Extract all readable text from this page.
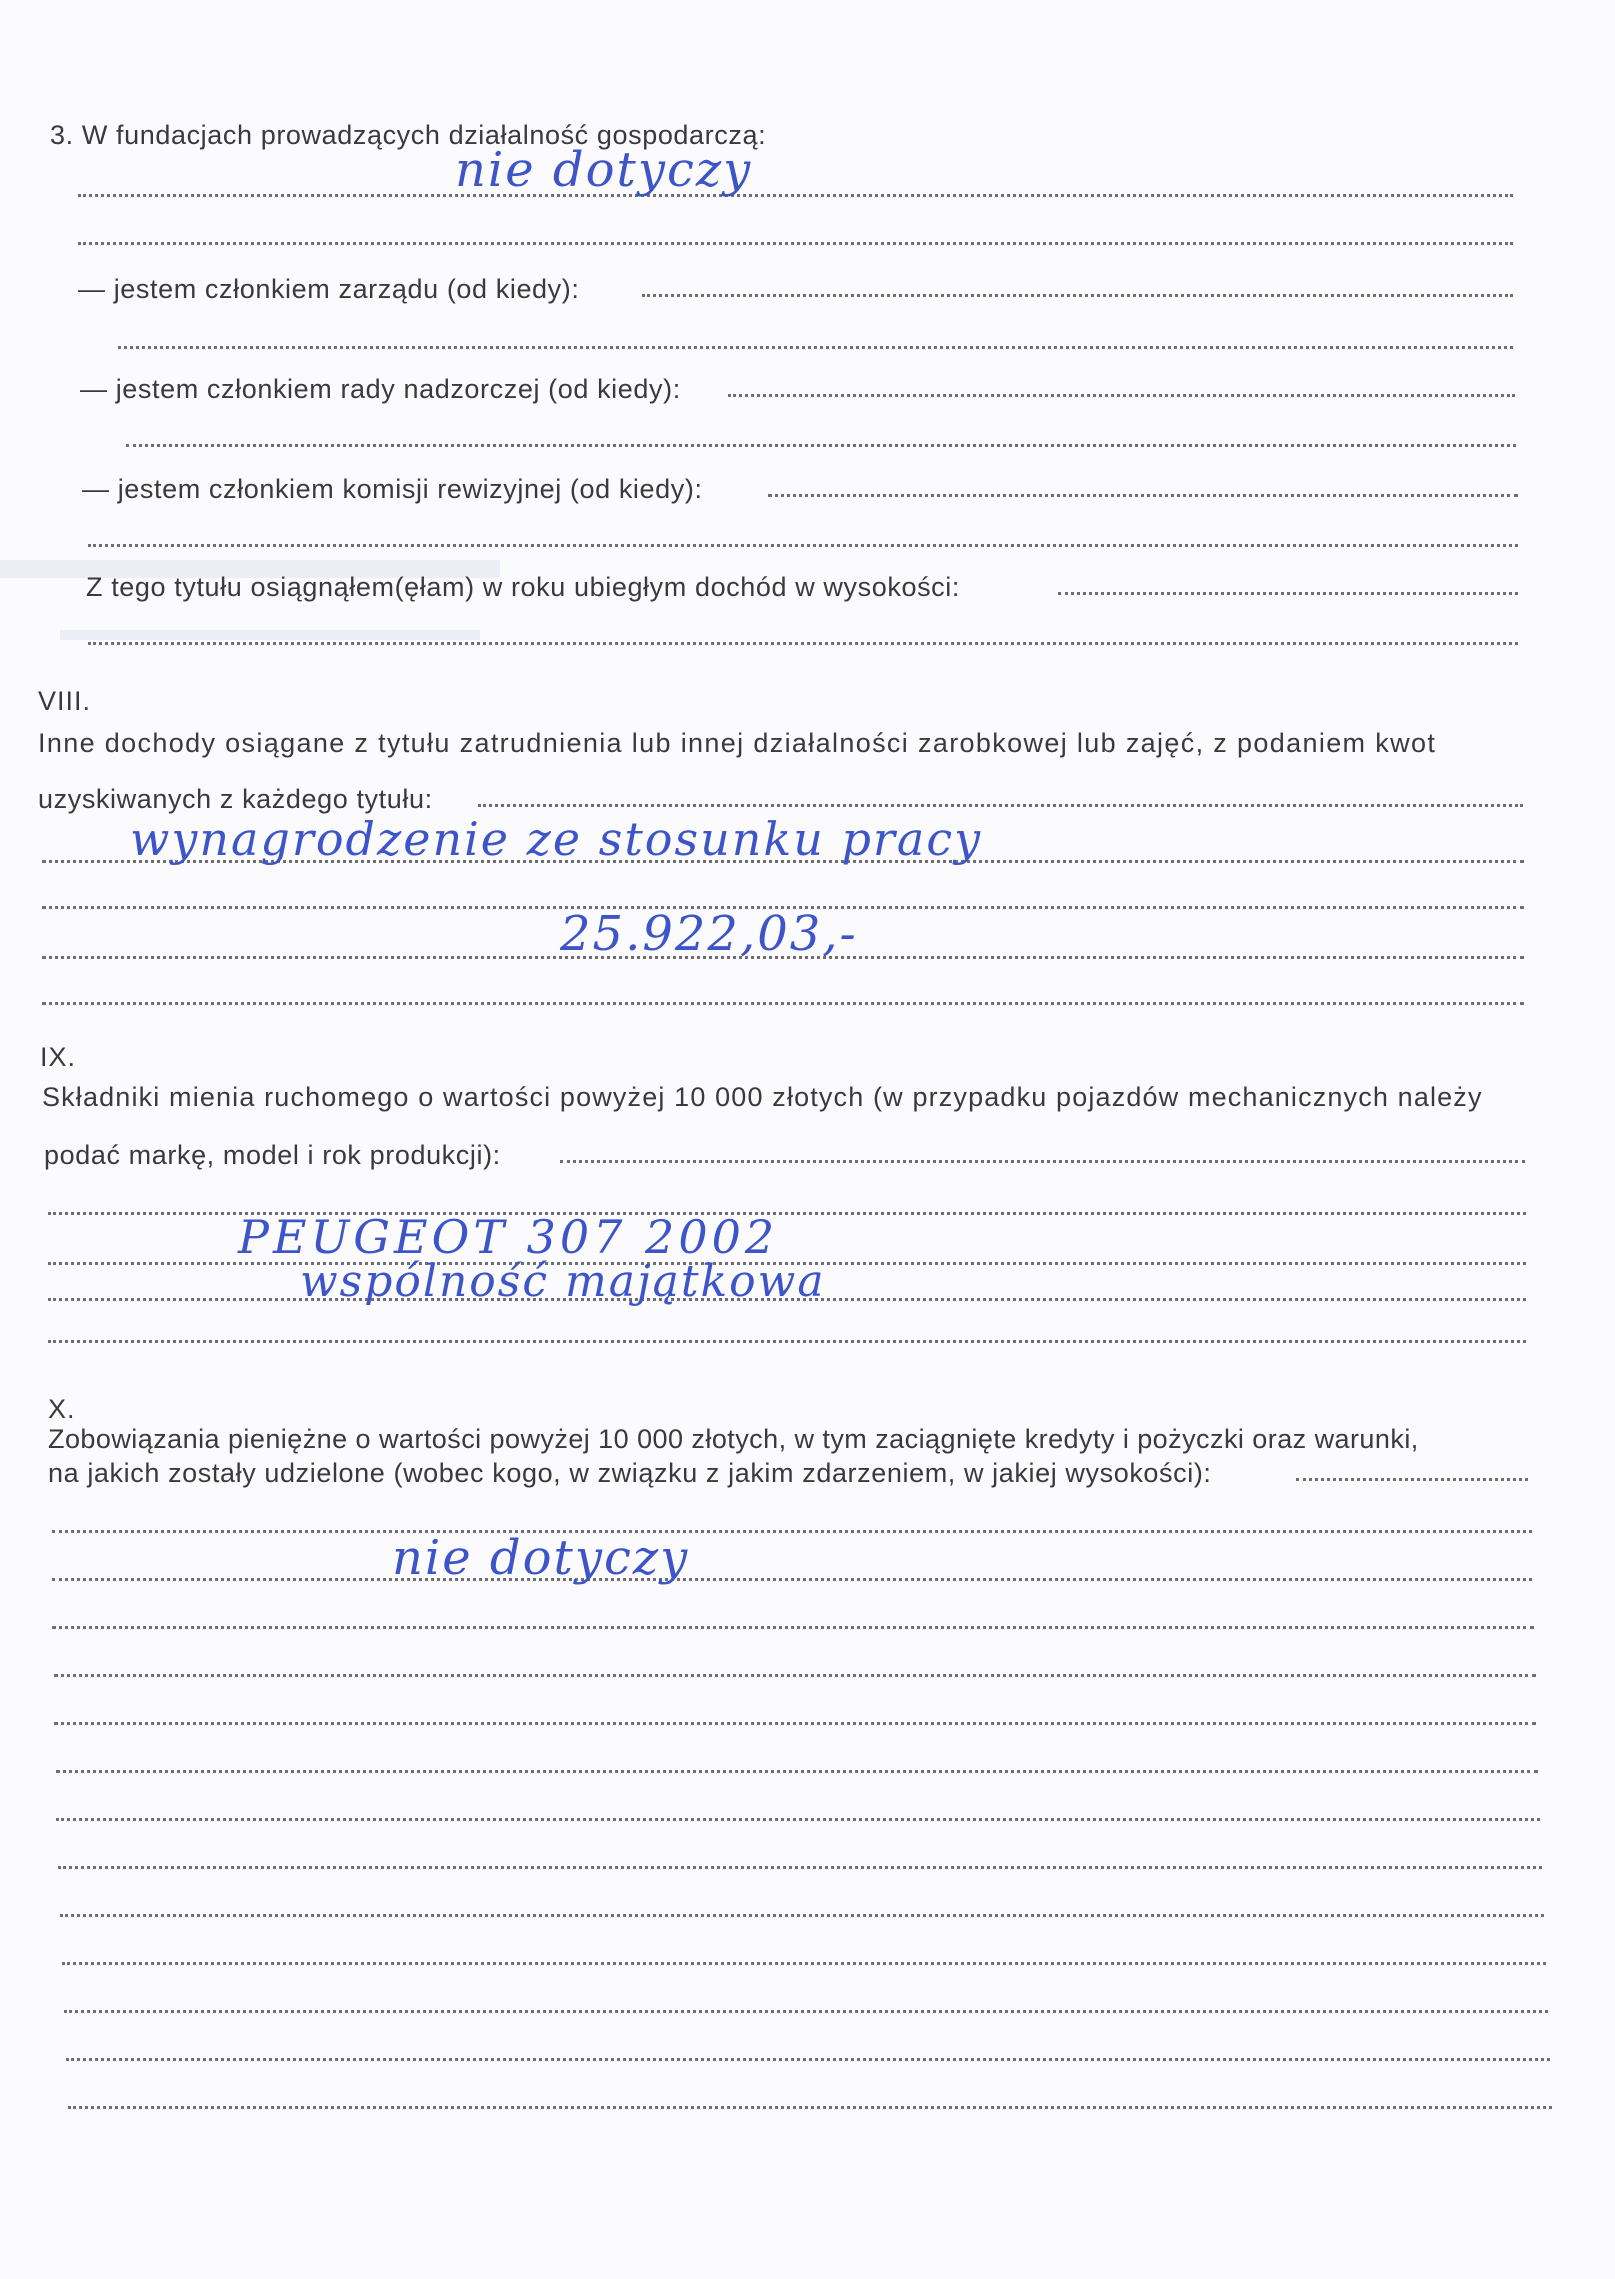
3. W fundacjach prowadzących działalność gospodarczą:
nie dotyczy
— jestem członkiem zarządu (od kiedy):
— jestem członkiem rady nadzorczej (od kiedy):
— jestem członkiem komisji rewizyjnej (od kiedy):
Z tego tytułu osiągnąłem(ęłam) w roku ubiegłym dochód w wysokości:
VIII.
Inne dochody osiągane z tytułu zatrudnienia lub innej działalności zarobkowej lub zajęć, z podaniem kwot
uzyskiwanych z każdego tytułu:
wynagrodzenie ze stosunku pracy
25.922,03,-
IX.
Składniki mienia ruchomego o wartości powyżej 10 000 złotych (w przypadku pojazdów mechanicznych należy
podać markę, model i rok produkcji):
PEUGEOT 307 2002
wspólność majątkowa
X.
Zobowiązania pieniężne o wartości powyżej 10 000 złotych, w tym zaciągnięte kredyty i pożyczki oraz warunki,
na jakich zostały udzielone (wobec kogo, w związku z jakim zdarzeniem, w jakiej wysokości):
nie dotyczy
